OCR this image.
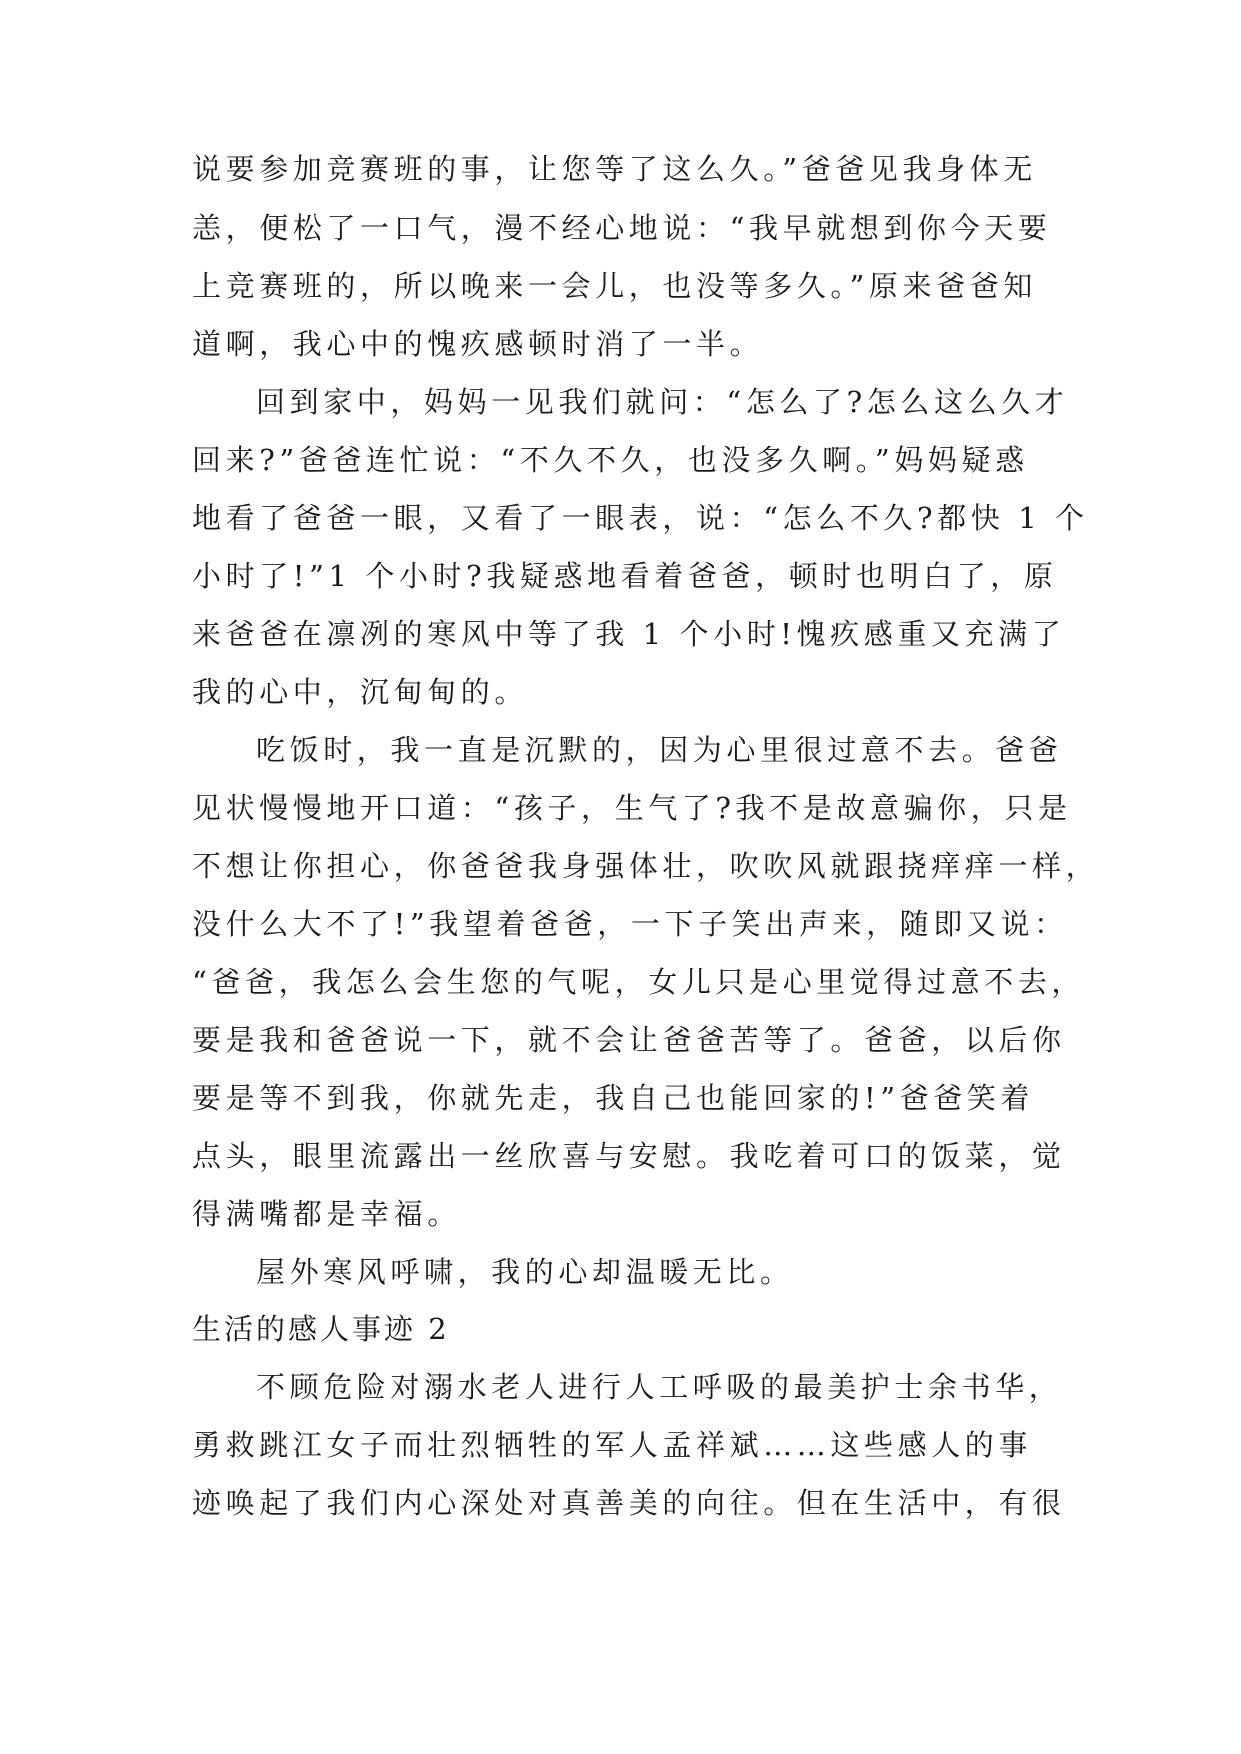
说要参加竞赛班的事，让您等了这么久。”爸爸见我身体无
恙，便松了一口气，漫不经心地说：“我早就想到你今天要
上竞赛班的，所以晚来一会儿，也没等多久。”原来爸爸知
道啊，我心中的愧疚感顿时消了一半。
回到家中，妈妈一见我们就问：“怎么了?怎么这么久才
回来?”爸爸连忙说：“不久不久，也没多久啊。”妈妈疑惑
地看了爸爸一眼，又看了一眼表，说：“怎么不久?都快 1 个
小时了!”1 个小时?我疑惑地看着爸爸，顿时也明白了，原
来爸爸在凛冽的寒风中等了我 1 个小时!愧疚感重又充满了
我的心中，沉甸甸的。
吃饭时，我一直是沉默的，因为心里很过意不去。爸爸
见状慢慢地开口道：“孩子，生气了?我不是故意骗你，只是
不想让你担心，你爸爸我身强体壮，吹吹风就跟挠痒痒一样，
没什么大不了!”我望着爸爸，一下子笑出声来，随即又说：
“爸爸，我怎么会生您的气呢，女儿只是心里觉得过意不去，
要是我和爸爸说一下，就不会让爸爸苦等了。爸爸，以后你
要是等不到我，你就先走，我自己也能回家的!”爸爸笑着
点头，眼里流露出一丝欣喜与安慰。我吃着可口的饭菜，觉
得满嘴都是幸福。
屋外寒风呼啸，我的心却温暖无比。
生活的感人事迹 2
不顾危险对溺水老人进行人工呼吸的最美护士余书华，
勇救跳江女子而壮烈牺牲的军人孟祥斌……这些感人的事
迹唤起了我们内心深处对真善美的向往。但在生活中，有很
